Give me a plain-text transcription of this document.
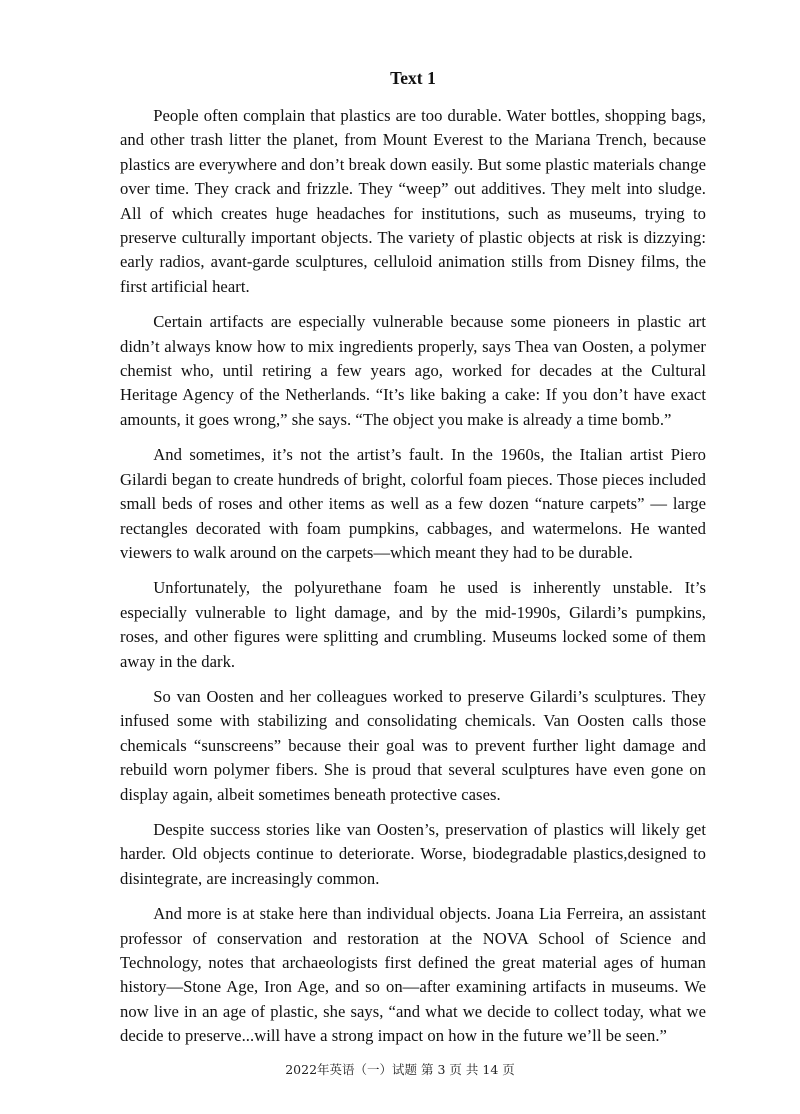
Text 1

People often complain that plastics are too durable. Water bottles, shopping bags, and other trash litter the planet, from Mount Everest to the Mariana Trench, because plastics are everywhere and don’t break down easily. But some plastic materials change over time. They crack and frizzle. They “weep” out additives. They melt into sludge. All of which creates huge headaches for institutions, such as museums, trying to preserve culturally important objects. The variety of plastic objects at risk is dizzying: early radios, avant-garde sculptures, celluloid animation stills from Disney films, the first artificial heart.

Certain artifacts are especially vulnerable because some pioneers in plastic art didn’t always know how to mix ingredients properly, says Thea van Oosten, a polymer chemist who, until retiring a few years ago, worked for decades at the Cultural Heritage Agency of the Netherlands. “It’s like baking a cake: If you don’t have exact amounts, it goes wrong,” she says. “The object you make is already a time bomb.”

And sometimes, it’s not the artist’s fault. In the 1960s, the Italian artist Piero Gilardi began to create hundreds of bright, colorful foam pieces. Those pieces included small beds of roses and other items as well as a few dozen “nature carpets” — large rectangles decorated with foam pumpkins, cabbages, and watermelons. He wanted viewers to walk around on the carpets—which meant they had to be durable.

Unfortunately, the polyurethane foam he used is inherently unstable. It’s especially vulnerable to light damage, and by the mid-1990s, Gilardi’s pumpkins, roses, and other figures were splitting and crumbling. Museums locked some of them away in the dark.

So van Oosten and her colleagues worked to preserve Gilardi’s sculptures. They infused some with stabilizing and consolidating chemicals. Van Oosten calls those chemicals “sunscreens” because their goal was to prevent further light damage and rebuild worn polymer fibers. She is proud that several sculptures have even gone on display again, albeit sometimes beneath protective cases.

Despite success stories like van Oosten’s, preservation of plastics will likely get harder. Old objects continue to deteriorate. Worse, biodegradable plastics,designed to disintegrate, are increasingly common.

And more is at stake here than individual objects. Joana Lia Ferreira, an assistant professor of conservation and restoration at the NOVA School of Science and Technology, notes that archaeologists first defined the great material ages of human history—Stone Age, Iron Age, and so on—after examining artifacts in museums. We now live in an age of plastic, she says, “and what we decide to collect today, what we decide to preserve...will have a strong impact on how in the future we’ll be seen.”

2022年英语（一）试题 第 3 页 共 14 页
